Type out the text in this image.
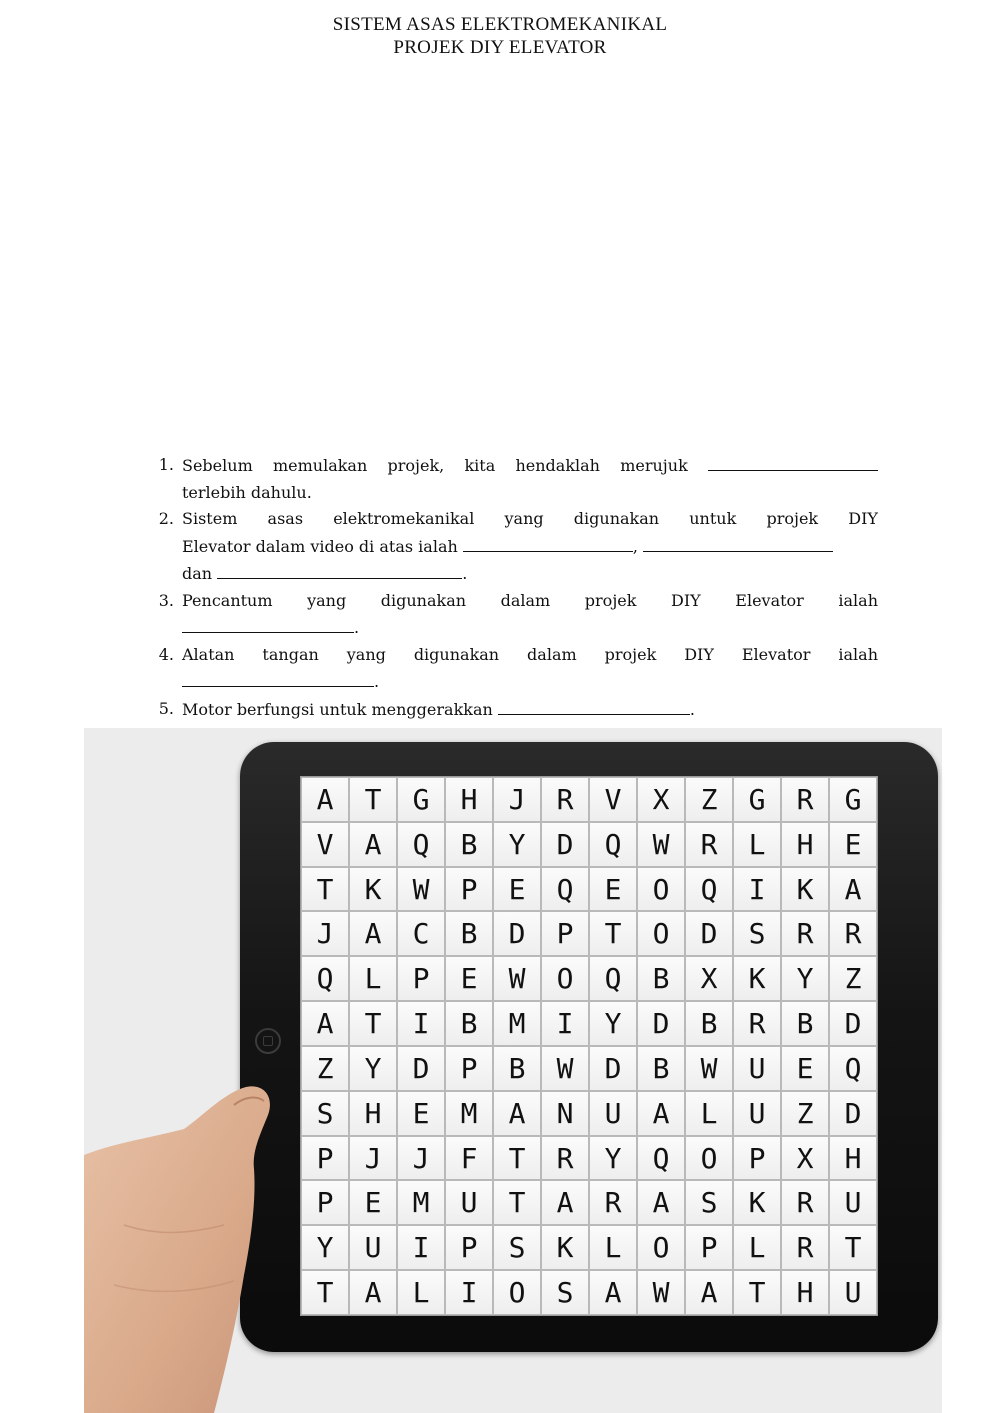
SISTEM ASAS ELEKTROMEKANIKAL
PROJEK DIY ELEVATOR
1. Sebelum memulakan projek, kita hendaklah merujuk
terlebih dahulu.
2. Sistem asas elektromekanikal yang digunakan untuk projek DIY
Elevator dalam video di atas ialah	,
dan	.
3. Pencantum yang digunakan dalam projek DIY Elevator ialah
.
4. Alatan tangan yang digunakan dalam projek DIY Elevator ialah
.
5. Motor berfungsi untuk menggerakkan	.
A	T	G	H	J	R	V	X	Z	G	R	G
V	A	Q	B	Y	D	Q	W	R	L	H	E
T	K	W	P	E	Q	E	O	Q	I	K	A
J	A	C	B	D	P	T	O	D	S	R	R
Q	L	P	E	W	O	Q	B	X	K	Y	Z
A	T	I	B	M	I	Y	D	B	R	B	D
Z	Y	D	P	B	W	D	B	W	U	E	Q
S	H	E	M	A	N	U	A	L	U	Z	D
P	J	J	F	T	R	Y	Q	O	P	X	H
P	E	M	U	T	A	R	A	S	K	R	U
Y	U	I	P	S	K	L	O	P	L	R	T
T	A	L	I	O	S	A	W	A	T	H	U
